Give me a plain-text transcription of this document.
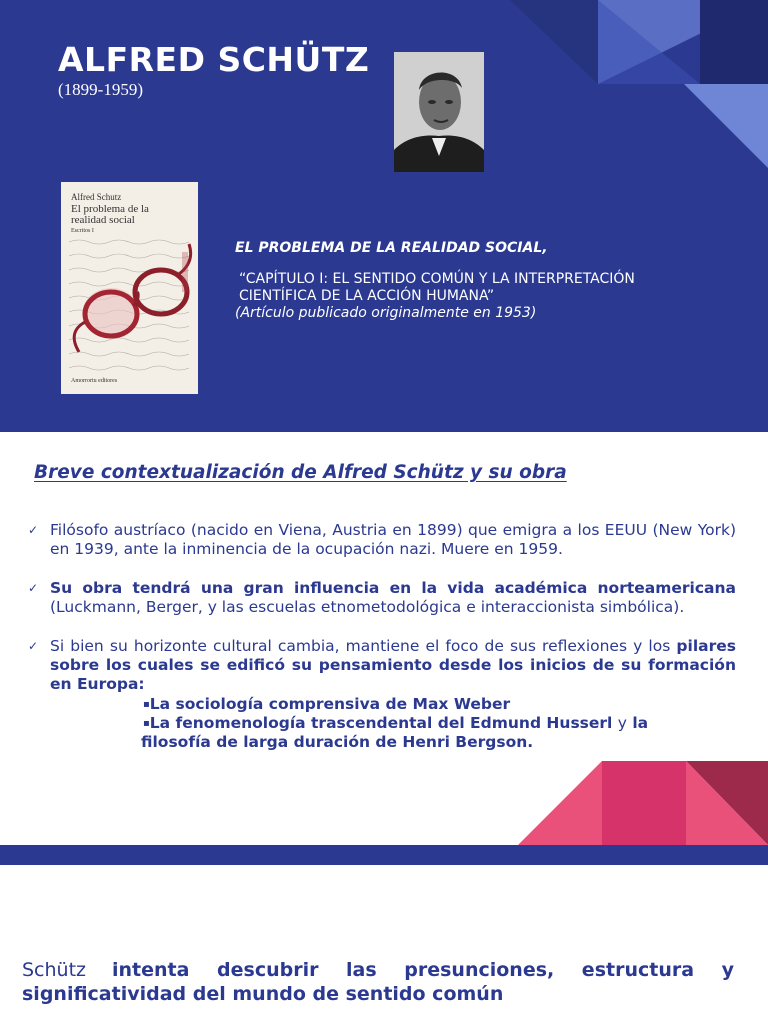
ALFRED SCHÜTZ
(1899-1959)
Alfred Schutz
El problema de la realidad social
Escritos I
Amorrortu editores
EL PROBLEMA DE LA REALIDAD SOCIAL,
“CAPÍTULO I: EL SENTIDO COMÚN Y LA INTERPRETACIÓN CIENTÍFICA DE LA ACCIÓN HUMANA”
(Artículo publicado originalmente en 1953)
Breve contextualización de Alfred Schütz y su obra
✓ Filósofo austríaco (nacido en Viena, Austria en 1899) que emigra a los EEUU (New York) en 1939, ante la inminencia de la ocupación nazi. Muere en 1959.
✓ Su obra tendrá una gran influencia en la vida académica norteamericana (Luckmann, Berger, y las escuelas etnometodológica e interaccionista simbólica).
✓ Si bien su horizonte cultural cambia, mantiene el foco de sus reflexiones y los pilares sobre los cuales se edificó su pensamiento desde los inicios de su formación en Europa:
▪La sociología comprensiva de Max Weber
▪La fenomenología trascendental del Edmund Husserl y la
filosofía de larga duración de Henri Bergson.
Schütz intenta descubrir las presunciones, estructura y
significatividad del mundo de sentido común
